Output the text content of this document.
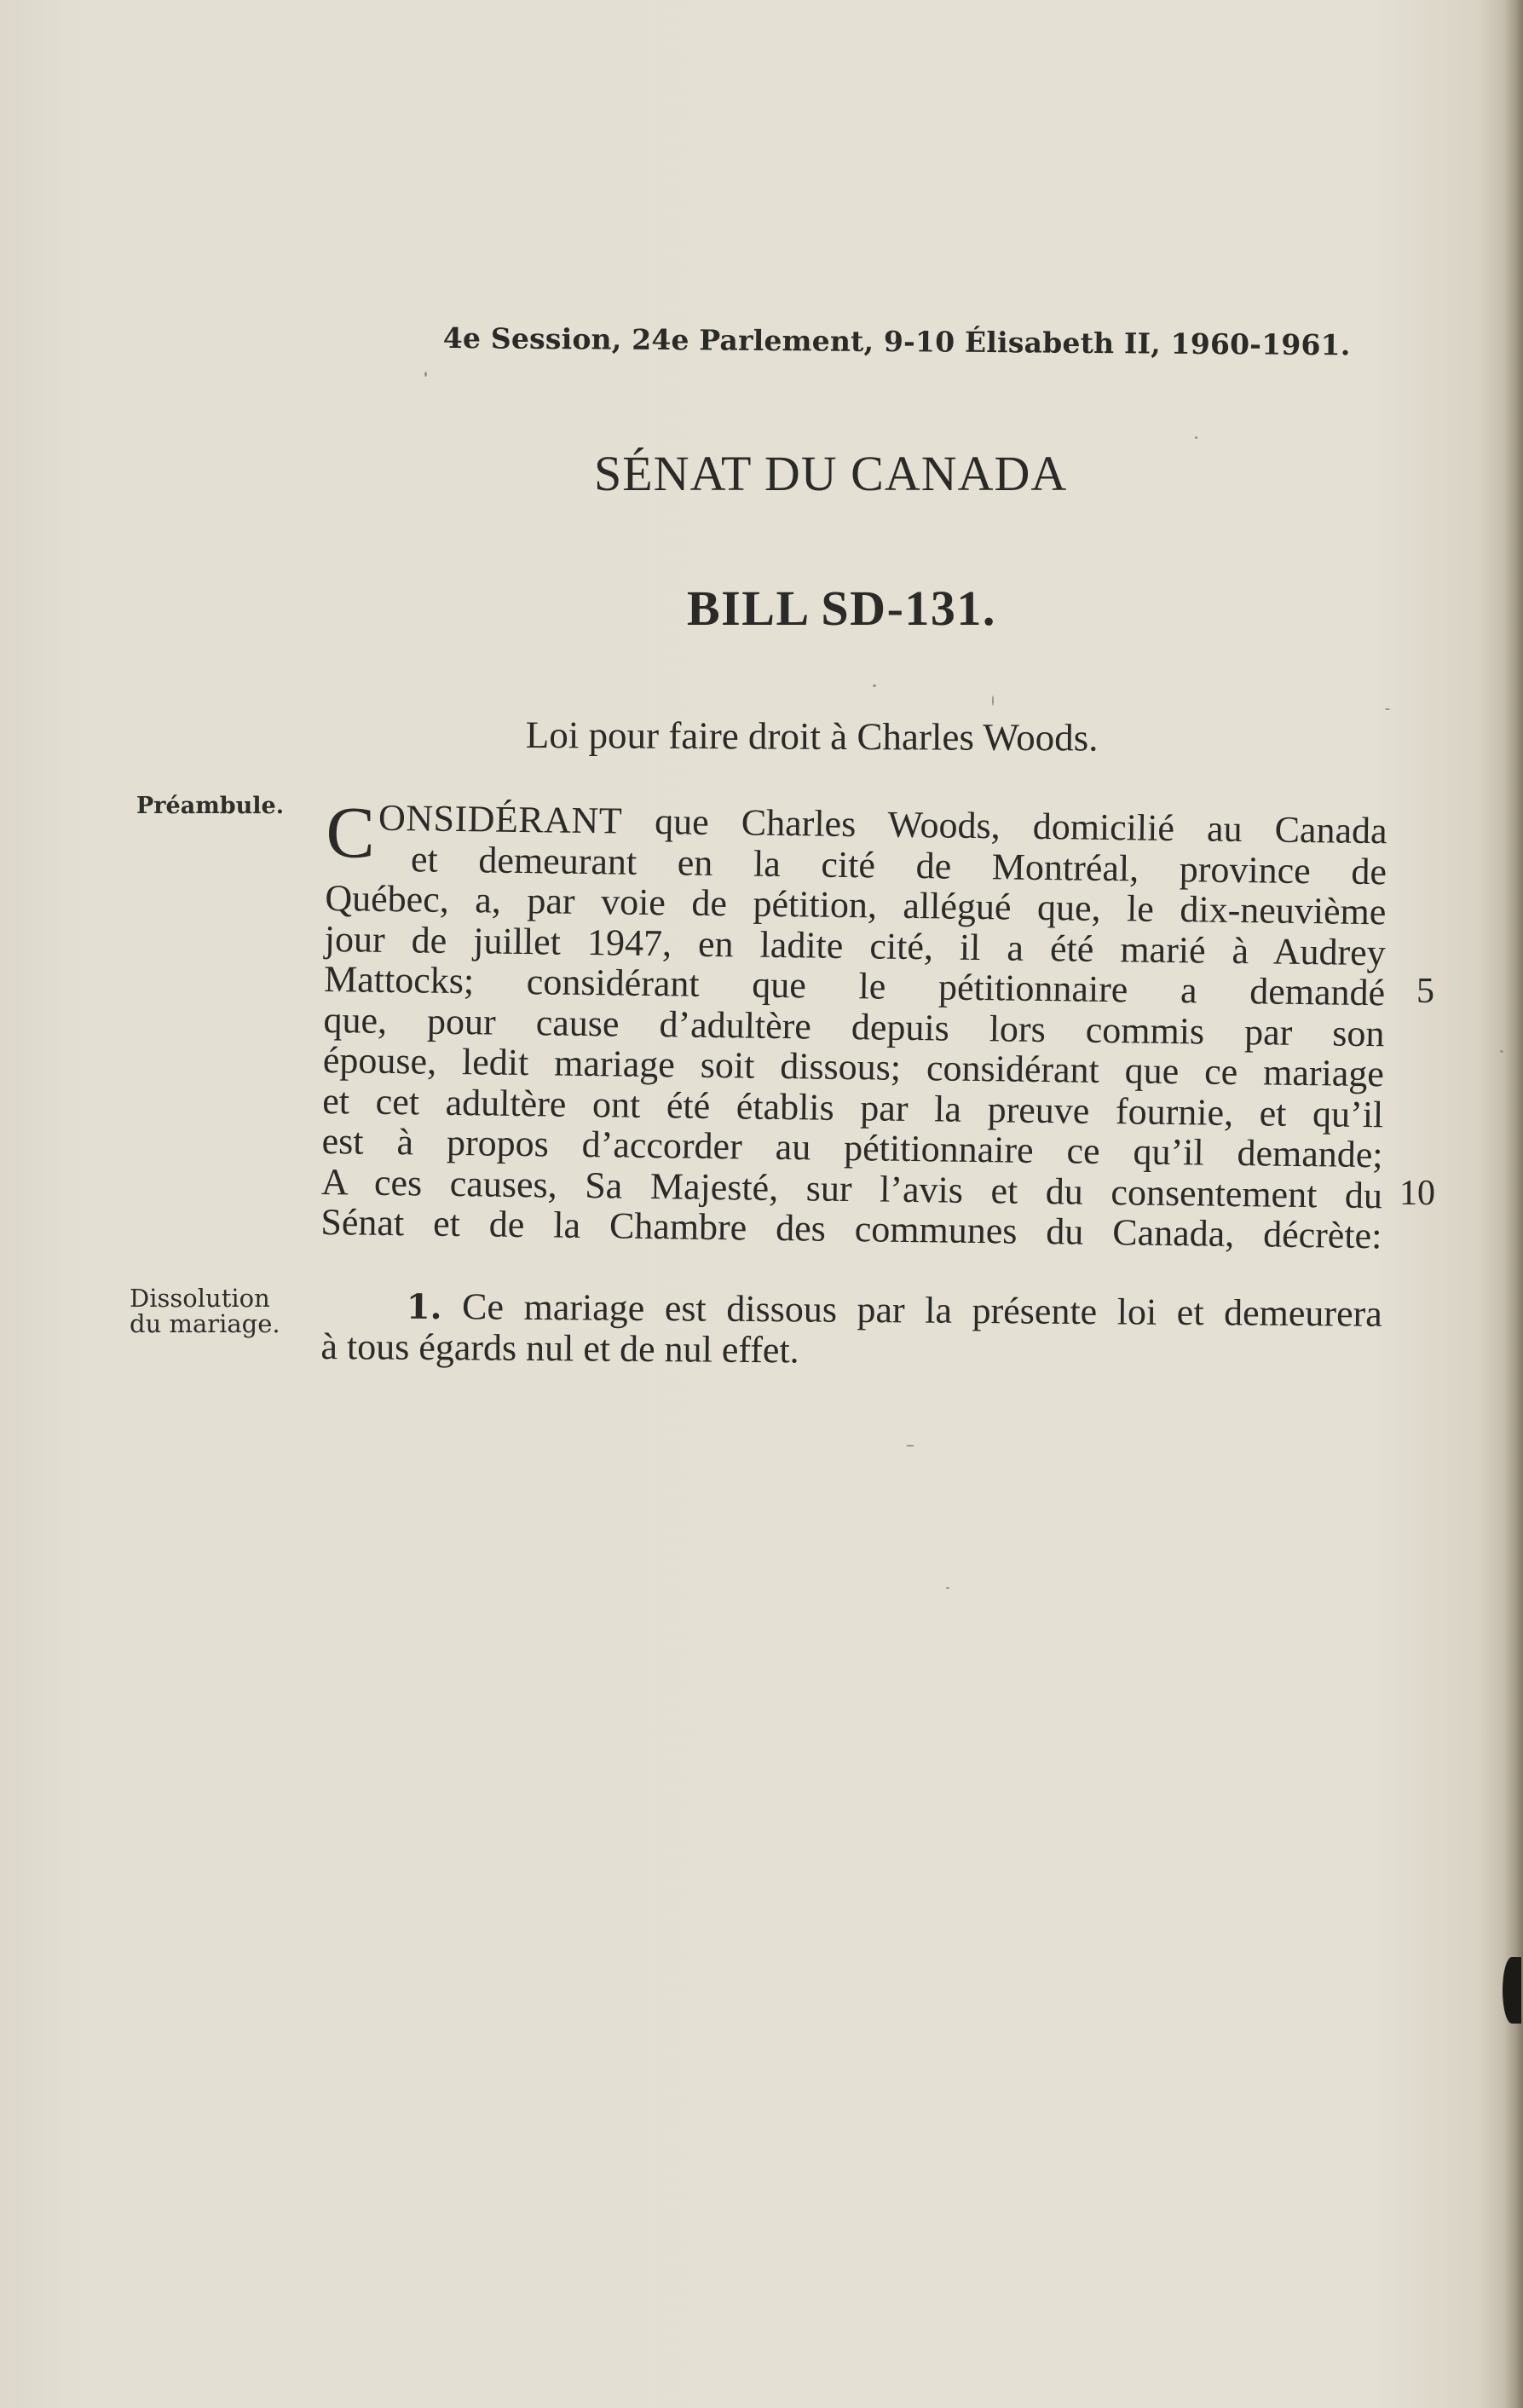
4e Session, 24e Parlement, 9-10 Élisabeth II, 1960-1961.
SÉNAT DU CANADA
BILL SD-131.
Loi pour faire droit à Charles Woods.
Préambule.
Dissolution
du mariage.
C ONSIDÉRANT que Charles Woods, domicilié au Canada
et demeurant en la cité de Montréal, province de
Québec, a, par voie de pétition, allégué que, le dix-neuvième
jour de juillet 1947, en ladite cité, il a été marié à Audrey
Mattocks; considérant que le pétitionnaire a demandé
que, pour cause d’adultère depuis lors commis par son
épouse, ledit mariage soit dissous; considérant que ce mariage
et cet adultère ont été établis par la preuve fournie, et qu’il
est à propos d’accorder au pétitionnaire ce qu’il demande;
A ces causes, Sa Majesté, sur l’avis et du consentement du
Sénat et de la Chambre des communes du Canada, décrète:
5
10
1. Ce mariage est dissous par la présente loi et demeurera
à tous égards nul et de nul effet.
